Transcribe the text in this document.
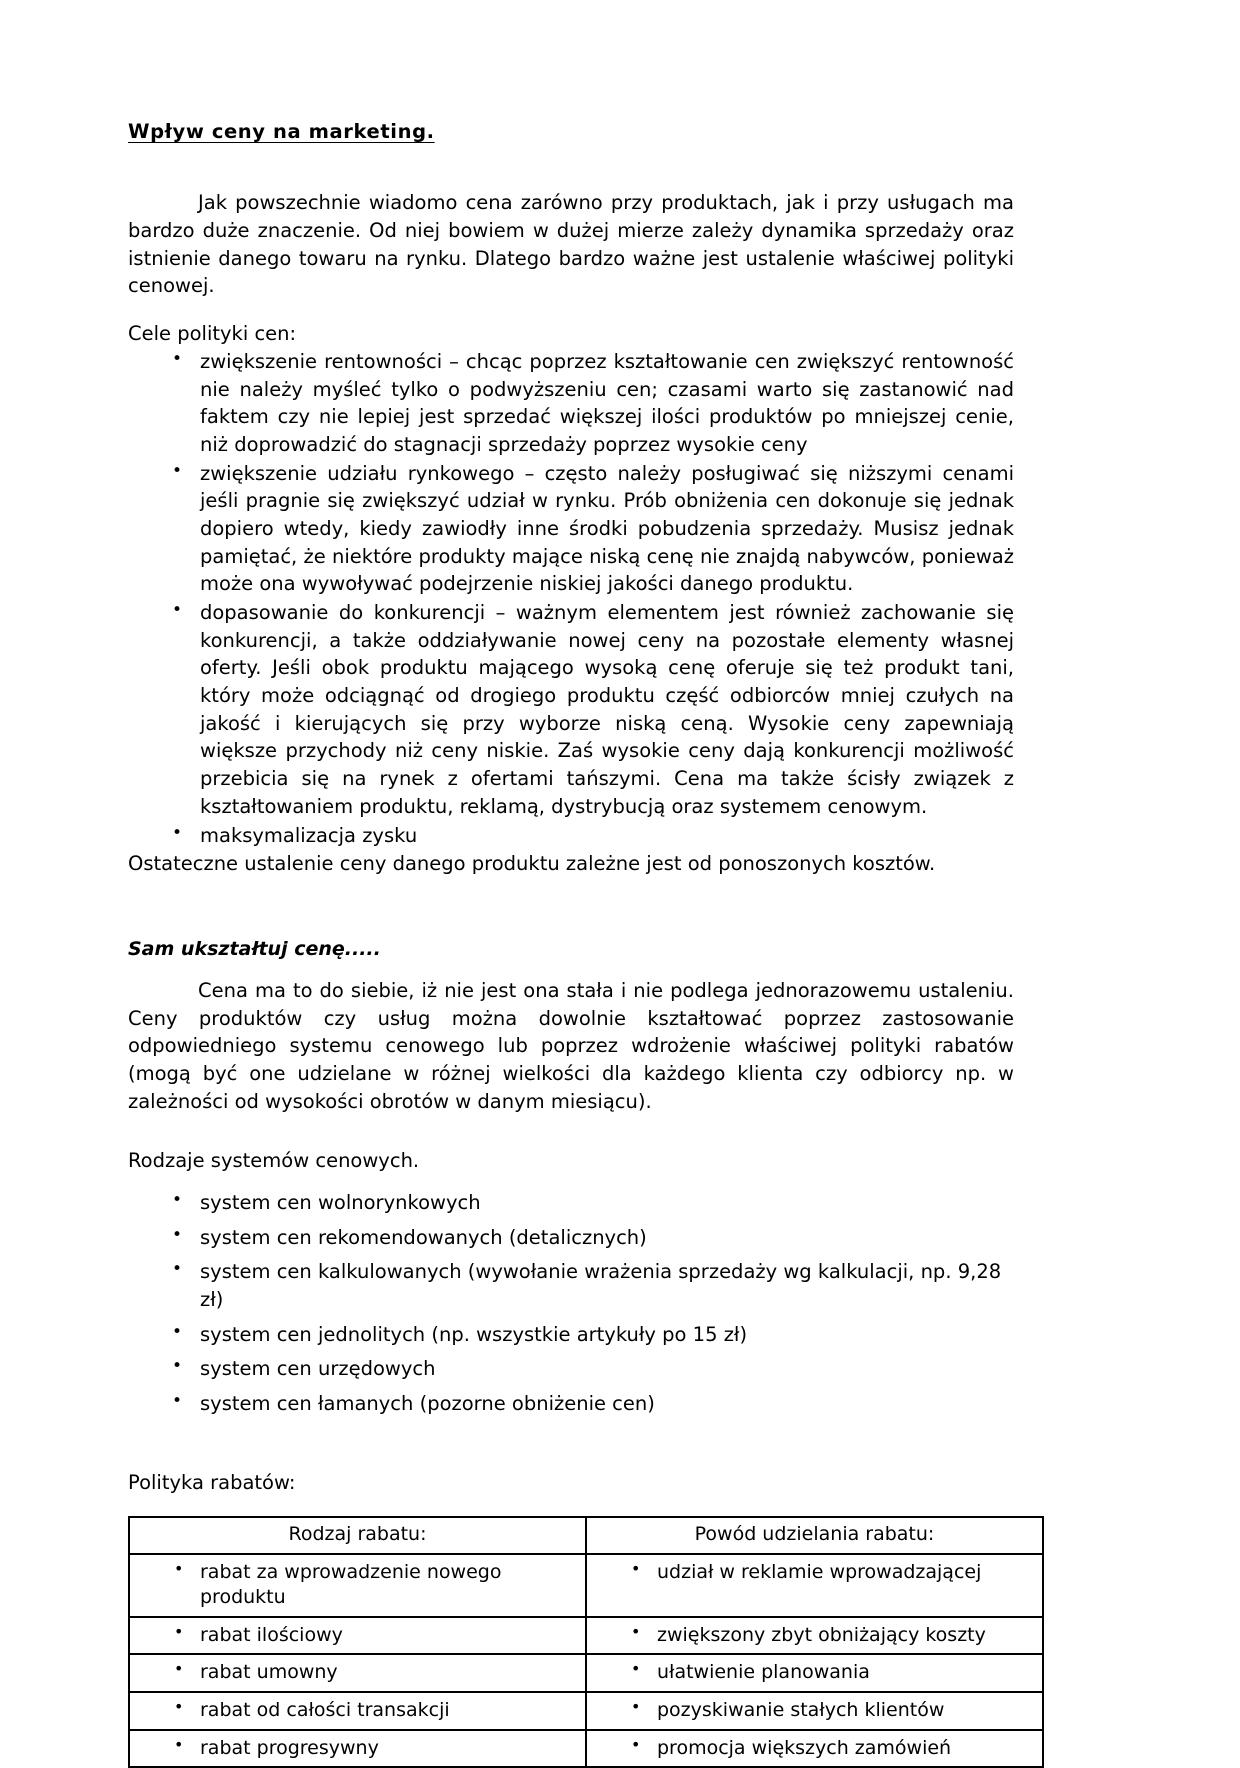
Wpływ ceny na marketing.

Jak powszechnie wiadomo cena zarówno przy produktach, jak i przy usługach ma bardzo duże znaczenie. Od niej bowiem w dużej mierze zależy dynamika sprzedaży oraz istnienie danego towaru na rynku. Dlatego bardzo ważne jest ustalenie właściwej polityki cenowej.

Cele polityki cen:

• zwiększenie rentowności – chcąc poprzez kształtowanie cen zwiększyć rentowność nie należy myśleć tylko o podwyższeniu cen; czasami warto się zastanowić nad faktem czy nie lepiej jest sprzedać większej ilości produktów po mniejszej cenie, niż doprowadzić do stagnacji sprzedaży poprzez wysokie ceny
• zwiększenie udziału rynkowego – często należy posługiwać się niższymi cenami jeśli pragnie się zwiększyć udział w rynku. Prób obniżenia cen dokonuje się jednak dopiero wtedy, kiedy zawiodły inne środki pobudzenia sprzedaży. Musisz jednak pamiętać, że niektóre produkty mające niską cenę nie znajdą nabywców, ponieważ może ona wywoływać podejrzenie niskiej jakości danego produktu.
• dopasowanie do konkurencji – ważnym elementem jest również zachowanie się konkurencji, a także oddziaływanie nowej ceny na pozostałe elementy własnej oferty. Jeśli obok produktu mającego wysoką cenę oferuje się też produkt tani, który może odciągnąć od drogiego produktu część odbiorców mniej czułych na jakość i kierujących się przy wyborze niską ceną. Wysokie ceny zapewniają większe przychody niż ceny niskie. Zaś wysokie ceny dają konkurencji możliwość przebicia się na rynek z ofertami tańszymi. Cena ma także ścisły związek z kształtowaniem produktu, reklamą, dystrybucją oraz systemem cenowym.
• maksymalizacja zysku

Ostateczne ustalenie ceny danego produktu zależne jest od ponoszonych kosztów.

Sam ukształtuj cenę.....

Cena ma to do siebie, iż nie jest ona stała i nie podlega jednorazowemu ustaleniu. Ceny produktów czy usług można dowolnie kształtować poprzez zastosowanie odpowiedniego systemu cenowego lub poprzez wdrożenie właściwej polityki rabatów (mogą być one udzielane w różnej wielkości dla każdego klienta czy odbiorcy np. w zależności od wysokości obrotów w danym miesiącu).

Rodzaje systemów cenowych.

• system cen wolnorynkowych
• system cen rekomendowanych (detalicznych)
• system cen kalkulowanych (wywołanie wrażenia sprzedaży wg kalkulacji, np. 9,28 zł)
• system cen jednolitych (np. wszystkie artykuły po 15 zł)
• system cen urzędowych
• system cen łamanych (pozorne obniżenie cen)

Polityka rabatów:

Rodzaj rabatu:	Powód udzielania rabatu:

• rabat za wprowadzenie nowego produktu	• udział w reklamie wprowadzającej

• rabat ilościowy	• zwiększony zbyt obniżający koszty

• rabat umowny	• ułatwienie planowania

• rabat od całości transakcji	• pozyskiwanie stałych klientów

• rabat progresywny	• promocja większych zamówień
